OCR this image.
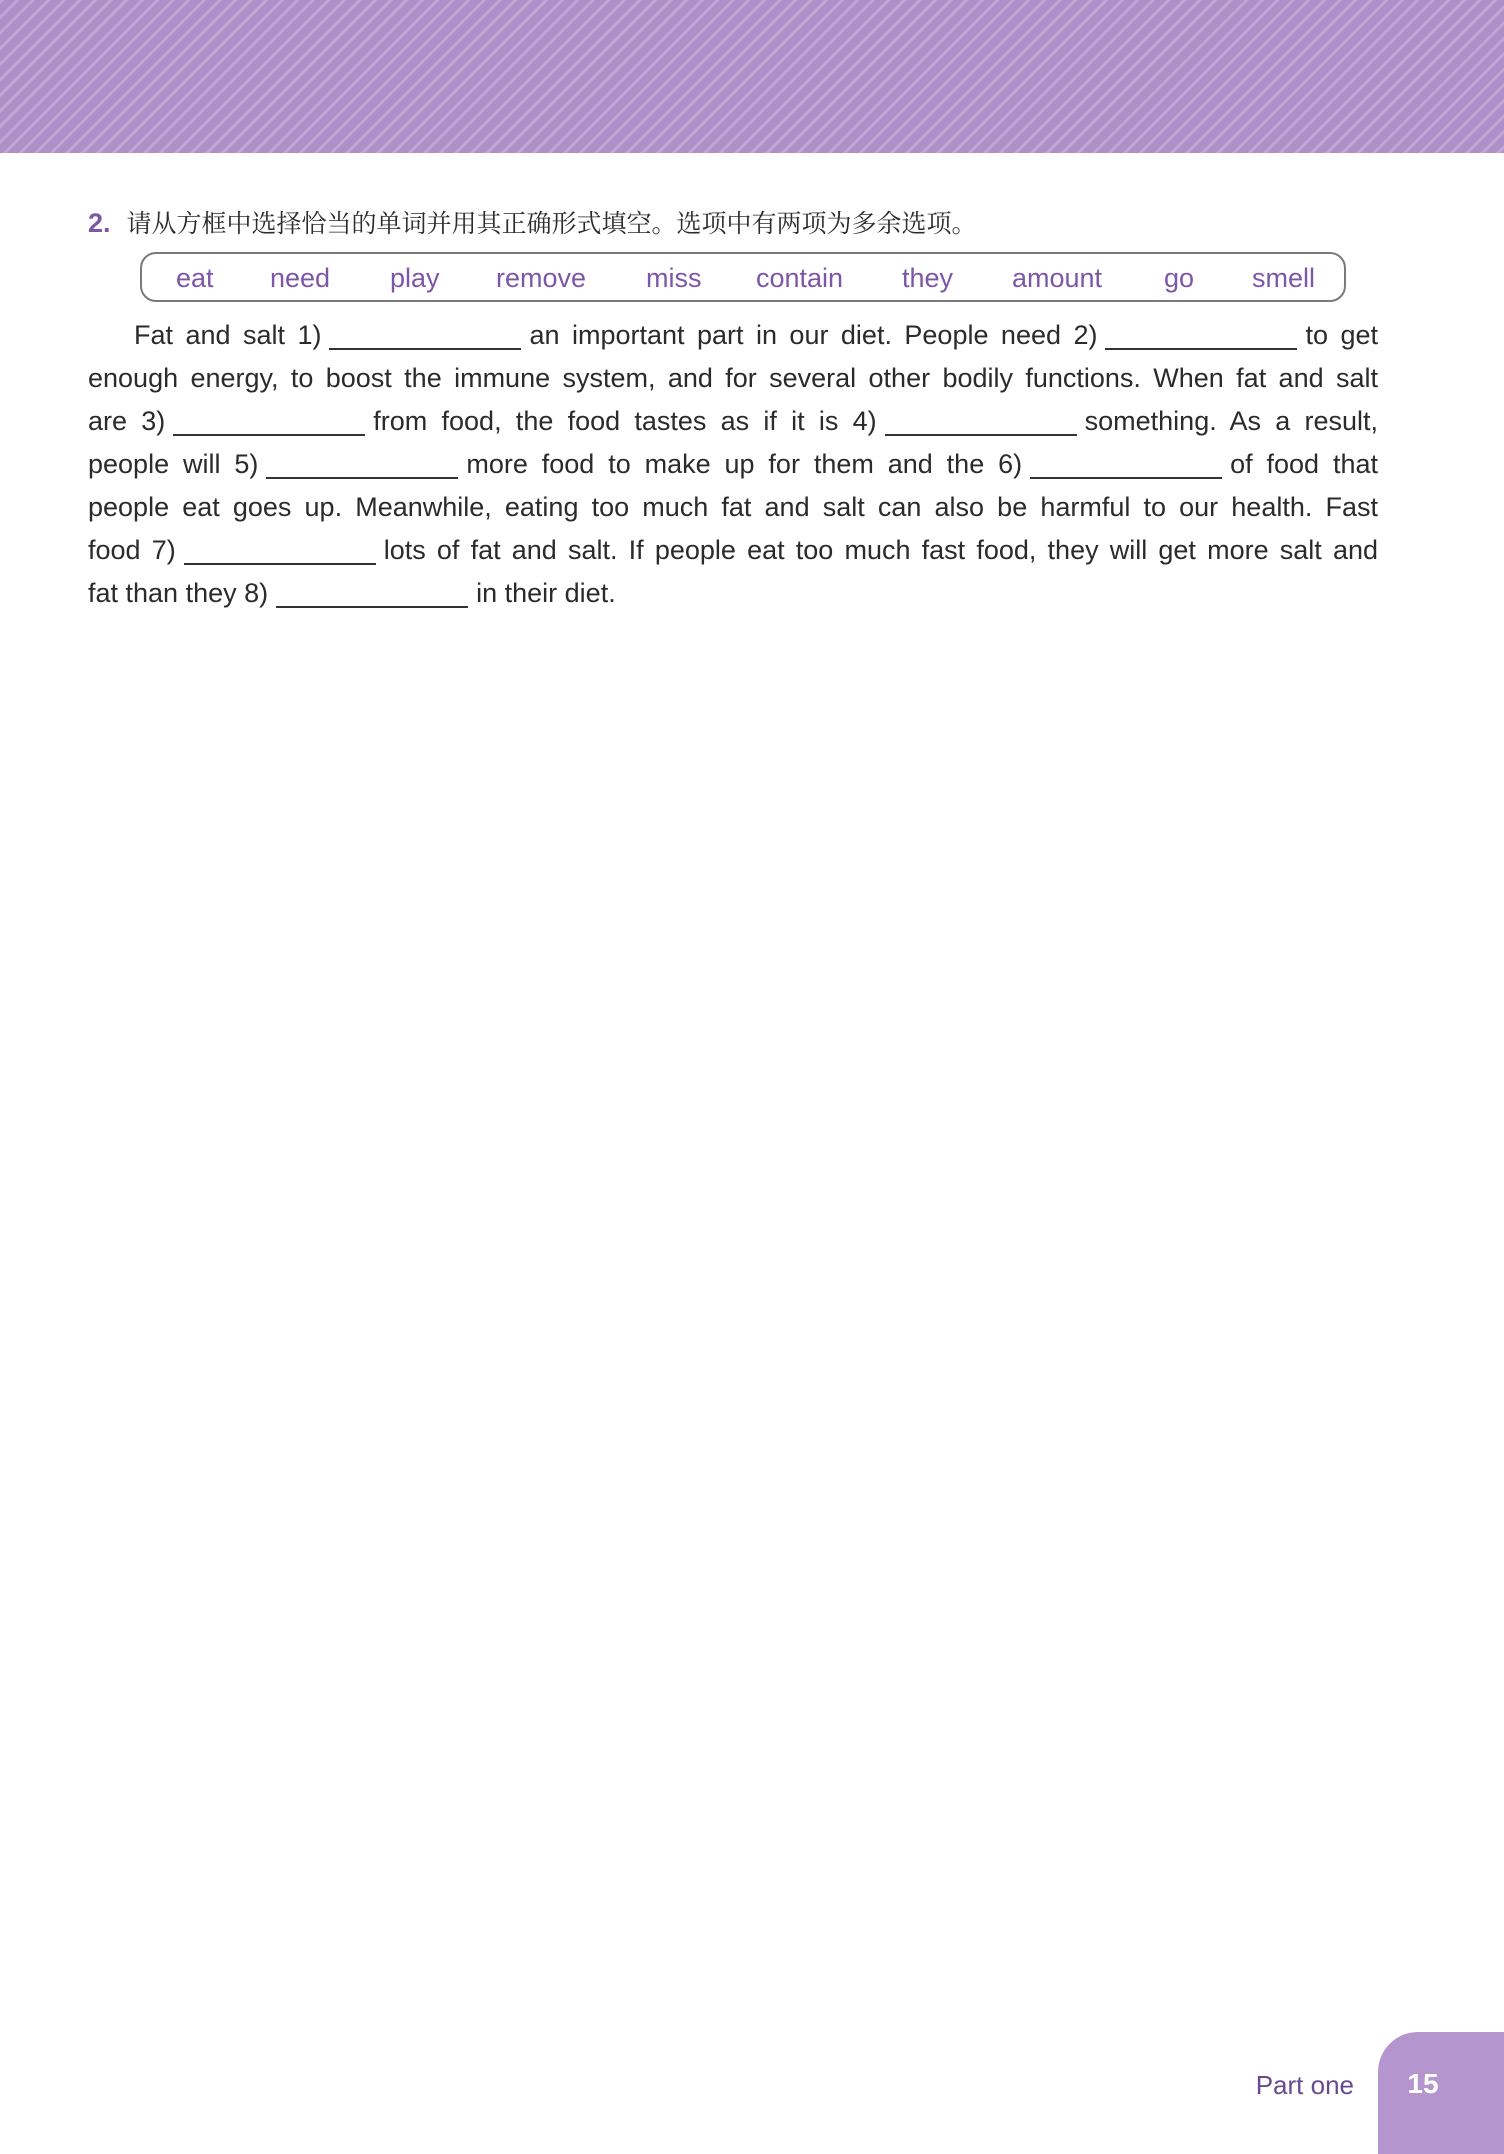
2. 请从方框中选择恰当的单词并用其正确形式填空。选项中有两项为多余选项。
eat need play remove miss contain they amount go smell
Fat and salt 1)	an important part in our diet. People need 2)	to get
enough energy, to boost the immune system, and for several other bodily functions. When fat and salt
are 3)	from food, the food tastes as if it is 4)	something. As a result,
people will 5)	more food to make up for them and the 6)	of food that
people eat goes up. Meanwhile, eating too much fat and salt can also be harmful to our health. Fast
food 7)	lots of fat and salt. If people eat too much fast food, they will get more salt and
fat than they 8)	in their diet.
Part one	15
